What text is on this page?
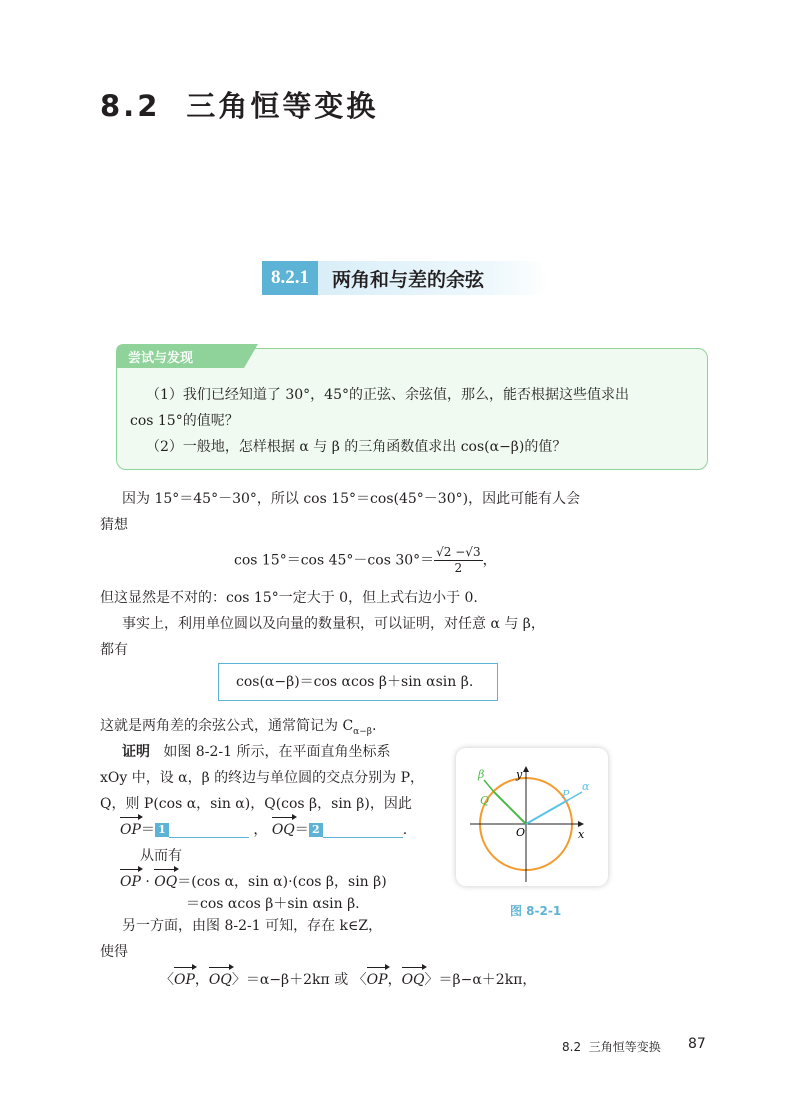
8.2 三角恒等变换
8.2.1	两角和与差的余弦
尝试与发现
（1）我们已经知道了 30°，45°的正弦、余弦值，那么，能否根据这些值求出
cos 15°的值呢？
（2）一般地，怎样根据 α 与 β 的三角函数值求出 cos(α−β)的值？
因为 15°＝45°－30°，所以 cos 15°＝cos(45°－30°)，因此可能有人会
猜想
cos 15°＝cos 45°－cos $30^\circ= \frac{√2 -√3}{2}$ ，
但这显然是不对的：cos 15°一定大于 0，但上式右边小于 0.
事实上，利用单位圆以及向量的数量积，可以证明，对任意 α 与 β，
都有
cos(α−β)＝cos αcos β＋sin αsin β.
这就是两角差的余弦公式，通常简记为 $C_{\alpha-\beta}$.
证明 如图 8-2-1 所示，在平面直角坐标系
xOy 中，设 α，β 的终边与单位圆的交点分别为 P，
Q，则 P(cos α，sin α)，Q(cos β，sin β)，因此
OP＝ 1	， OQ＝ 2	.
从而有
OP · OQ＝(cos α，sin α)·(cos β，sin β)
＝cos αcos β＋sin αsin β.
另一方面，由图 8-2-1 可知，存在 k∈Z，
使得
〈OP，OQ〉＝α−β＋2kπ 或 〈OP，OQ〉＝β−α＋2kπ，
y
x
O
P
α
Q
β
图 8-2-1
8.2 三角恒等变换 87
